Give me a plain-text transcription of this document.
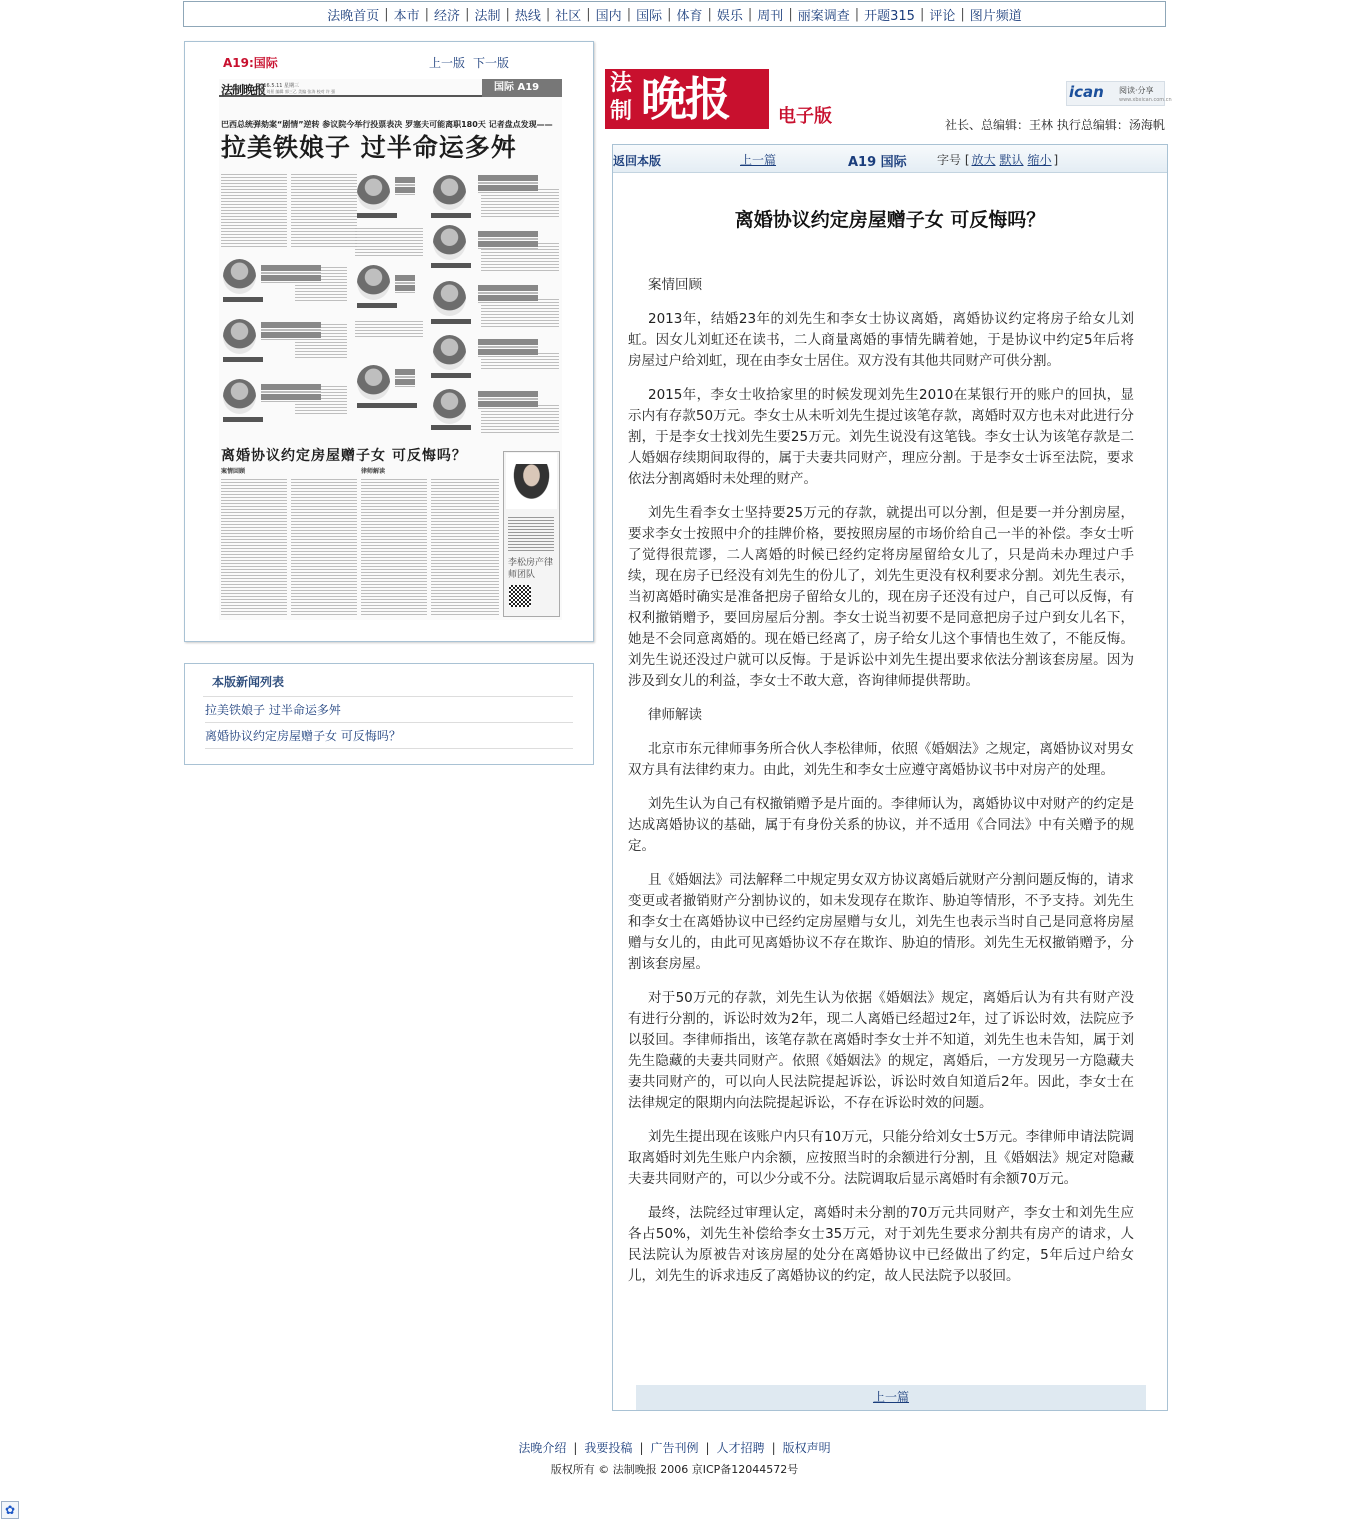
法晚首页 | 本市 | 经济 | 法制 | 热线 | 社区 | 国内 | 国际 | 体育 | 娱乐 | 周刊 | 丽案调查 | 开题315 | 评论 | 图片频道
A19:国际	上一版 下一版
法制晚报
2016.5.11 星期三
主编 刘景 编辑 郭三乙 美编 张涛 校对 许 强	国际 A19
巴西总统弹劾案“剧情”逆转 参议院今举行投票表决 罗塞夫可能离职180天 记者盘点发现——
拉美铁娘子 过半命运多舛
离婚协议约定房屋赠子女 可反悔吗？
案情回顾	律师解读
李松房产律师团队
本版新闻列表
拉美铁娘子 过半命运多舛
离婚协议约定房屋赠子女 可反悔吗？
法
制 晚报	电子版
ican 阅读·分享
www.xbxican.com.cn
社长、总编辑：王林 执行总编辑：汤海帆
返回本版	上一篇	A19 国际	字号 [ 放大 默认 缩小 ]
离婚协议约定房屋赠子女 可反悔吗？

案情回顾

2013年，结婚23年的刘先生和李女士协议离婚，离婚协议约定将房子给女儿刘虹。因女儿刘虹还在读书，二人商量离婚的事情先瞒着她，于是协议中约定5年后将房屋过户给刘虹，现在由李女士居住。双方没有其他共同财产可供分割。

2015年，李女士收拾家里的时候发现刘先生2010在某银行开的账户的回执，显示内有存款50万元。李女士从未听刘先生提过该笔存款，离婚时双方也未对此进行分割，于是李女士找刘先生要25万元。刘先生说没有这笔钱。李女士认为该笔存款是二人婚姻存续期间取得的，属于夫妻共同财产，理应分割。于是李女士诉至法院，要求依法分割离婚时未处理的财产。

刘先生看李女士坚持要25万元的存款，就提出可以分割，但是要一并分割房屋，要求李女士按照中介的挂牌价格，要按照房屋的市场价给自己一半的补偿。李女士听了觉得很荒谬，二人离婚的时候已经约定将房屋留给女儿了，只是尚未办理过户手续，现在房子已经没有刘先生的份儿了，刘先生更没有权利要求分割。刘先生表示，当初离婚时确实是准备把房子留给女儿的，现在房子还没有过户，自己可以反悔，有权利撤销赠予，要回房屋后分割。李女士说当初要不是同意把房子过户到女儿名下，她是不会同意离婚的。现在婚已经离了，房子给女儿这个事情也生效了，不能反悔。刘先生说还没过户就可以反悔。于是诉讼中刘先生提出要求依法分割该套房屋。因为涉及到女儿的利益，李女士不敢大意，咨询律师提供帮助。

律师解读

北京市东元律师事务所合伙人李松律师，依照《婚姻法》之规定，离婚协议对男女双方具有法律约束力。由此，刘先生和李女士应遵守离婚协议书中对房产的处理。

刘先生认为自己有权撤销赠予是片面的。李律师认为，离婚协议中对财产的约定是达成离婚协议的基础，属于有身份关系的协议，并不适用《合同法》中有关赠予的规定。

且《婚姻法》司法解释二中规定男女双方协议离婚后就财产分割问题反悔的，请求变更或者撤销财产分割协议的，如未发现存在欺诈、胁迫等情形，不予支持。刘先生和李女士在离婚协议中已经约定房屋赠与女儿，刘先生也表示当时自己是同意将房屋赠与女儿的，由此可见离婚协议不存在欺诈、胁迫的情形。刘先生无权撤销赠予，分割该套房屋。

对于50万元的存款，刘先生认为依据《婚姻法》规定，离婚后认为有共有财产没有进行分割的，诉讼时效为2年，现二人离婚已经超过2年，过了诉讼时效，法院应予以驳回。李律师指出，该笔存款在离婚时李女士并不知道，刘先生也未告知，属于刘先生隐藏的夫妻共同财产。依照《婚姻法》的规定，离婚后，一方发现另一方隐藏夫妻共同财产的，可以向人民法院提起诉讼，诉讼时效自知道后2年。因此，李女士在法律规定的限期内向法院提起诉讼，不存在诉讼时效的问题。

刘先生提出现在该账户内只有10万元，只能分给刘女士5万元。李律师申请法院调取离婚时刘先生账户内余额，应按照当时的余额进行分割，且《婚姻法》规定对隐藏夫妻共同财产的，可以少分或不分。法院调取后显示离婚时有余额70万元。

最终，法院经过审理认定，离婚时未分割的70万元共同财产，李女士和刘先生应各占50%，刘先生补偿给李女士35万元，对于刘先生要求分割共有房产的请求，人民法院认为原被告对该房屋的处分在离婚协议中已经做出了约定，5年后过户给女儿，刘先生的诉求违反了离婚协议的约定，故人民法院予以驳回。

上一篇
法晚介绍 | 我要投稿 | 广告刊例 | 人才招聘 | 版权声明
版权所有 © 法制晚报 2006 京ICP备12044572号
✿
